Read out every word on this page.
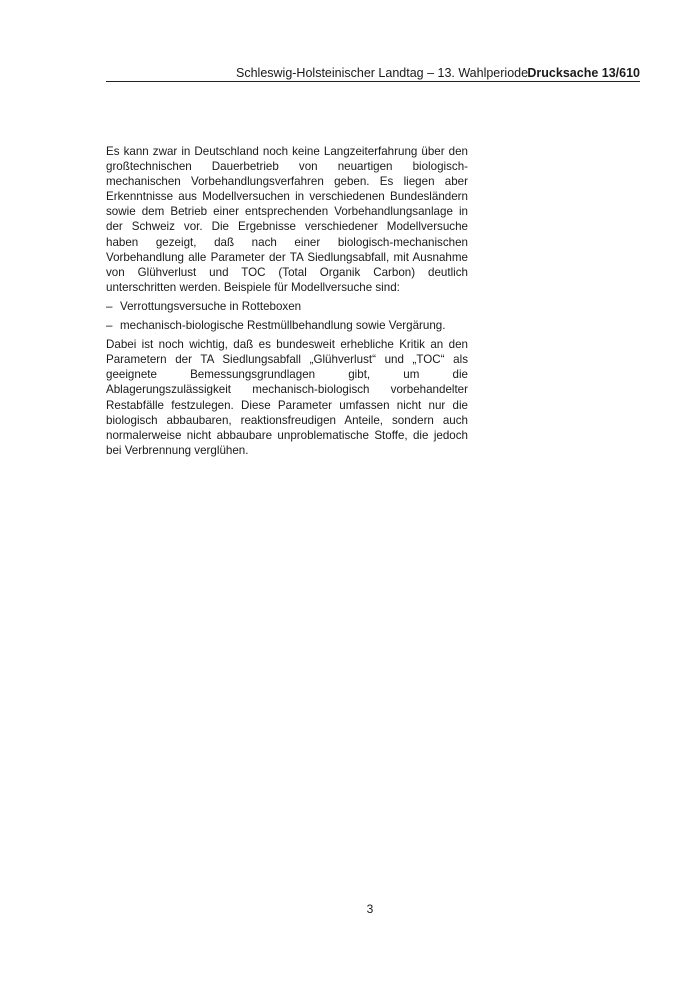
Schleswig-Holsteinischer Landtag – 13. Wahlperiode Drucksache 13/610

Es kann zwar in Deutschland noch keine Langzeiterfahrung über den großtechnischen Dauerbetrieb von neuartigen biologisch-mechanischen Vorbehandlungsverfahren geben. Es liegen aber Erkenntnisse aus Modellversuchen in verschiedenen Bundesländern sowie dem Betrieb einer entsprechenden Vorbehandlungsanlage in der Schweiz vor. Die Ergebnisse verschiedener Modellversuche haben gezeigt, daß nach einer biologisch-mechanischen Vorbehandlung alle Parameter der TA Siedlungsabfall, mit Ausnahme von Glühverlust und TOC (Total Organik Carbon) deutlich unterschritten werden. Beispiele für Modellversuche sind:

– Verrottungsversuche in Rotteboxen
– mechanisch-biologische Restmüllbehandlung sowie Vergärung.

Dabei ist noch wichtig, daß es bundesweit erhebliche Kritik an den Parametern der TA Siedlungsabfall „Glühverlust“ und „TOC“ als geeignete Bemessungsgrundlagen gibt, um die Ablagerungszulässigkeit mechanisch-biologisch vorbehandelter Restabfälle festzulegen. Diese Parameter umfassen nicht nur die biologisch abbaubaren, reaktionsfreudigen Anteile, sondern auch normalerweise nicht abbaubare unproblematische Stoffe, die jedoch bei Verbrennung verglühen.

3
